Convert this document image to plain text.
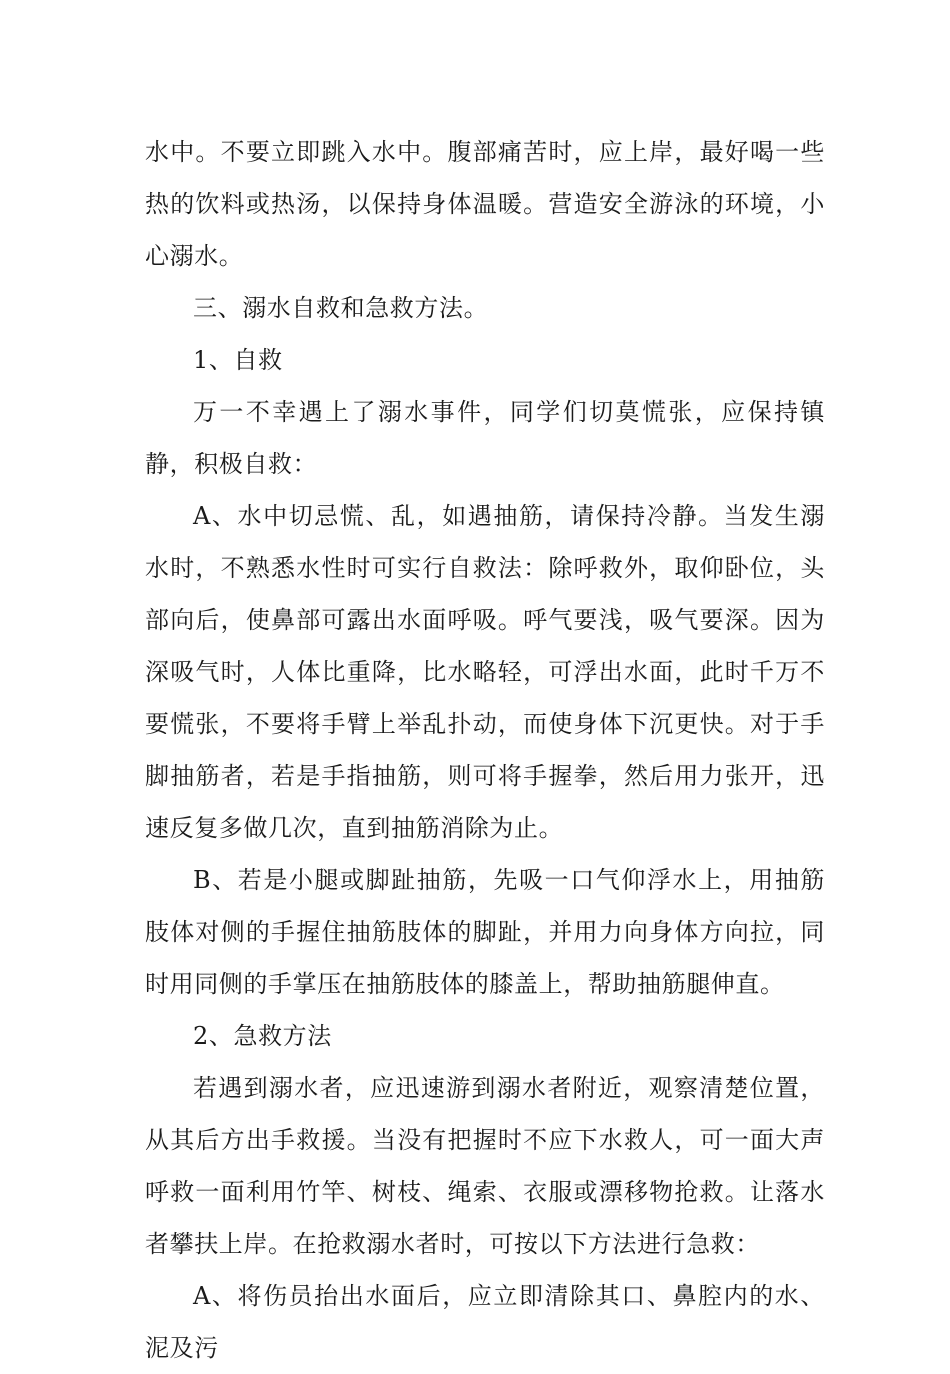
水中。不要立即跳入水中。腹部痛苦时，应上岸，最好喝一些热的饮料或热汤，以保持身体温暖。营造安全游泳的环境，小心溺水。

三、溺水自救和急救方法。

1、自救

万一不幸遇上了溺水事件，同学们切莫慌张，应保持镇静，积极自救：

A、水中切忌慌、乱，如遇抽筋，请保持冷静。当发生溺水时，不熟悉水性时可实行自救法：除呼救外，取仰卧位，头部向后，使鼻部可露出水面呼吸。呼气要浅，吸气要深。因为深吸气时，人体比重降，比水略轻，可浮出水面，此时千万不要慌张，不要将手臂上举乱扑动，而使身体下沉更快。对于手脚抽筋者，若是手指抽筋，则可将手握拳，然后用力张开，迅速反复多做几次，直到抽筋消除为止。

B、若是小腿或脚趾抽筋，先吸一口气仰浮水上，用抽筋肢体对侧的手握住抽筋肢体的脚趾，并用力向身体方向拉，同时用同侧的手掌压在抽筋肢体的膝盖上，帮助抽筋腿伸直。

2、急救方法

若遇到溺水者，应迅速游到溺水者附近，观察清楚位置，从其后方出手救援。当没有把握时不应下水救人，可一面大声呼救一面利用竹竿、树枝、绳索、衣服或漂移物抢救。让落水者攀扶上岸。在抢救溺水者时，可按以下方法进行急救：

A、将伤员抬出水面后，应立即清除其口、鼻腔内的水、泥及污
